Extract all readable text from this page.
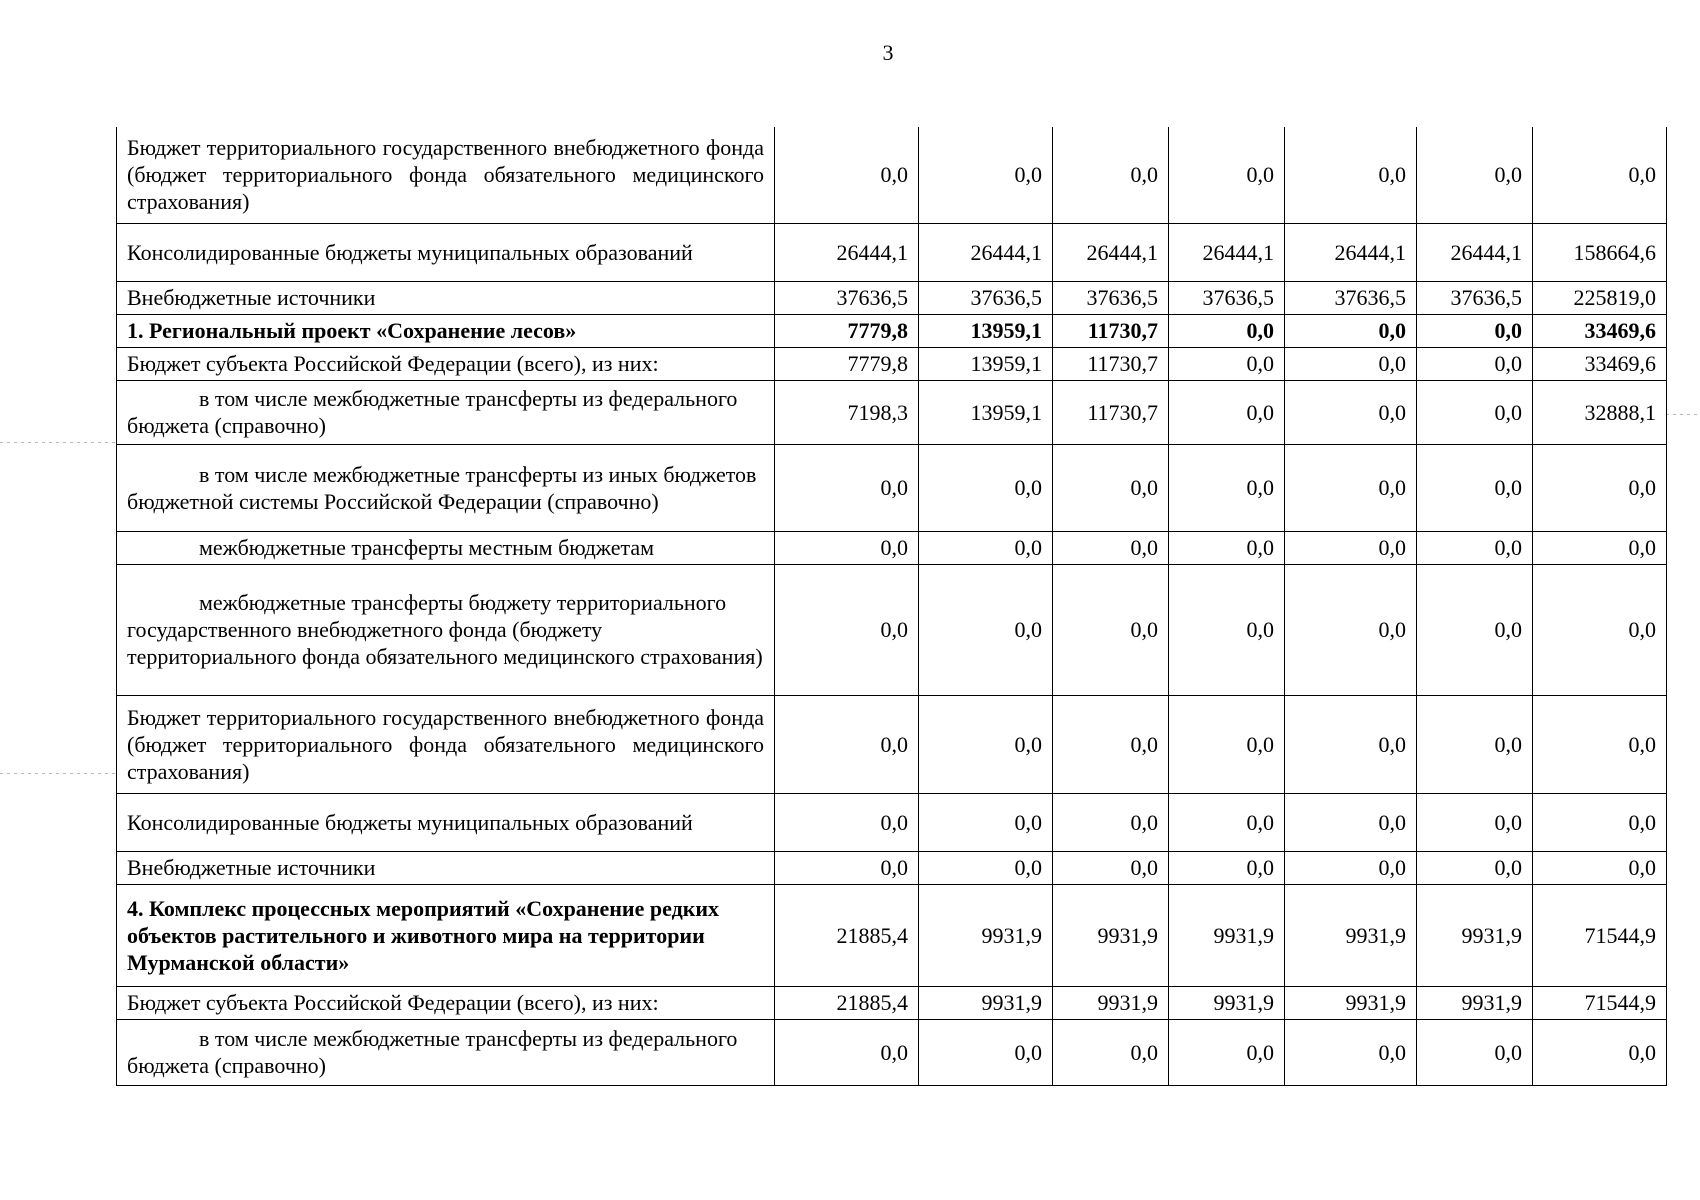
3
Бюджет территориального государственного внебюджетного фонда (бюджет территориального фонда обязательного медицинского страхования)	0,0	0,0	0,0	0,0	0,0	0,0	0,0
Консолидированные бюджеты муниципальных образований	26444,1	26444,1	26444,1	26444,1	26444,1	26444,1	158664,6
Внебюджетные источники	37636,5	37636,5	37636,5	37636,5	37636,5	37636,5	225819,0
1. Региональный проект «Сохранение лесов»	7779,8	13959,1	11730,7	0,0	0,0	0,0	33469,6
Бюджет субъекта Российской Федерации (всего), из них:	7779,8	13959,1	11730,7	0,0	0,0	0,0	33469,6
в том числе межбюджетные трансферты из федерального бюджета (справочно)	7198,3	13959,1	11730,7	0,0	0,0	0,0	32888,1
в том числе межбюджетные трансферты из иных бюджетов бюджетной системы Российской Федерации (справочно)	0,0	0,0	0,0	0,0	0,0	0,0	0,0
межбюджетные трансферты местным бюджетам	0,0	0,0	0,0	0,0	0,0	0,0	0,0
межбюджетные трансферты бюджету территориального государственного внебюджетного фонда (бюджету территориального фонда обязательного медицинского страхования)	0,0	0,0	0,0	0,0	0,0	0,0	0,0
Бюджет территориального государственного внебюджетного фонда (бюджет территориального фонда обязательного медицинского страхования)	0,0	0,0	0,0	0,0	0,0	0,0	0,0
Консолидированные бюджеты муниципальных образований	0,0	0,0	0,0	0,0	0,0	0,0	0,0
Внебюджетные источники	0,0	0,0	0,0	0,0	0,0	0,0	0,0
4. Комплекс процессных мероприятий «Сохранение редких объектов растительного и животного мира на территории Мурманской области»	21885,4	9931,9	9931,9	9931,9	9931,9	9931,9	71544,9
Бюджет субъекта Российской Федерации (всего), из них:	21885,4	9931,9	9931,9	9931,9	9931,9	9931,9	71544,9
в том числе межбюджетные трансферты из федерального бюджета (справочно)	0,0	0,0	0,0	0,0	0,0	0,0	0,0
